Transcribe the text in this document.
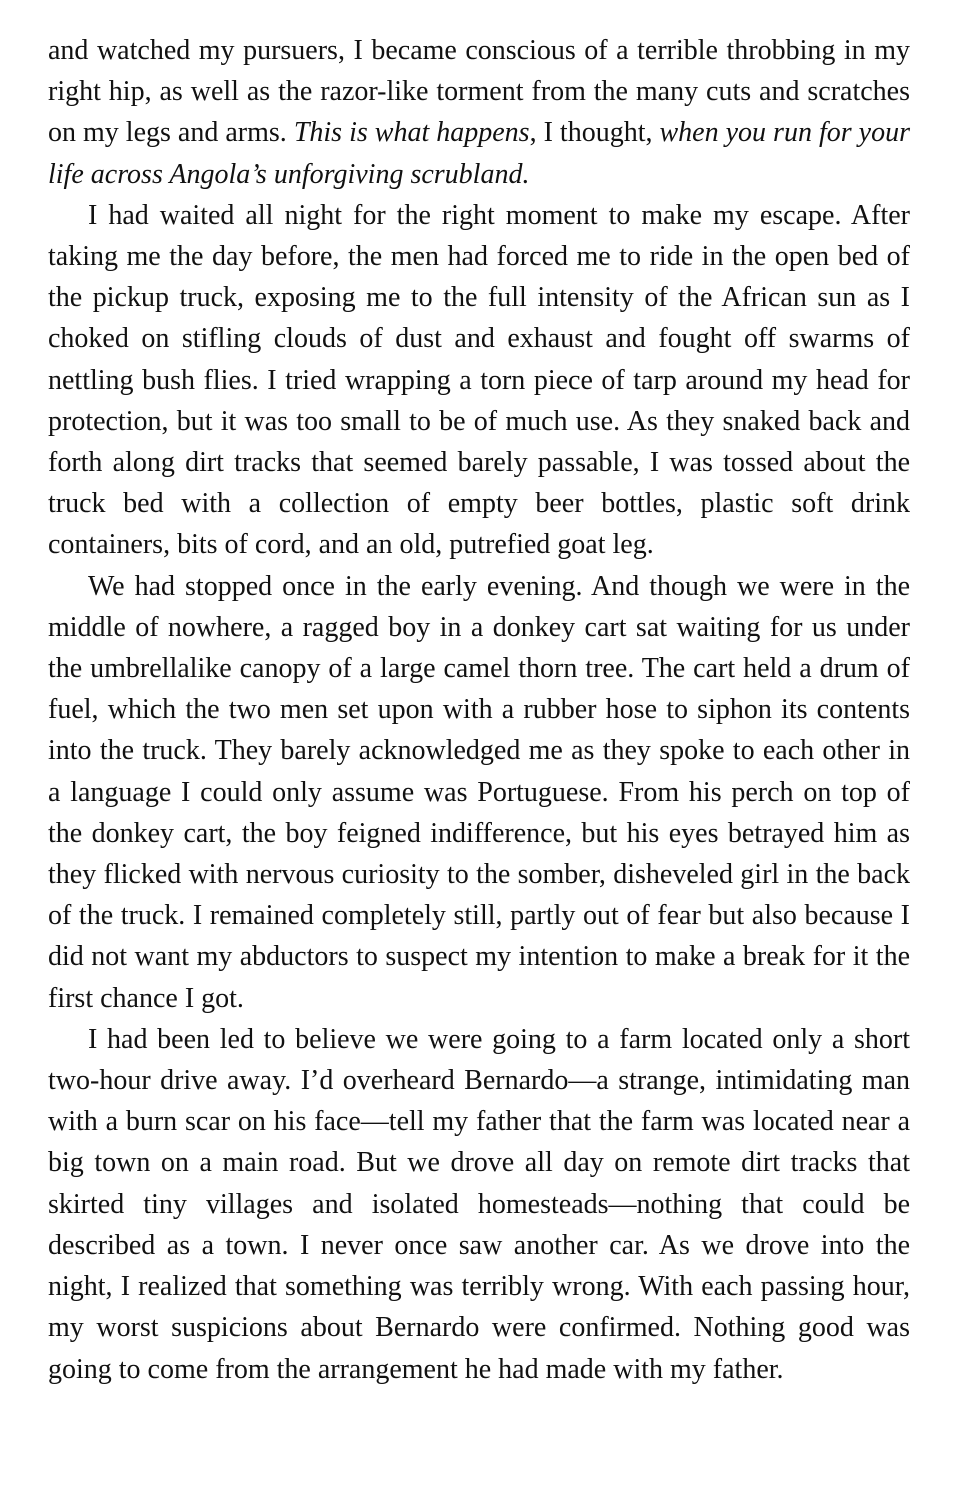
and watched my pursuers, I became conscious of a terrible throbbing in my right hip, as well as the razor-like torment from the many cuts and scratches on my legs and arms. This is what happens, I thought, when you run for your life across Angola’s unforgiving scrubland.

I had waited all night for the right moment to make my escape. After taking me the day before, the men had forced me to ride in the open bed of the pickup truck, exposing me to the full intensity of the African sun as I choked on stifling clouds of dust and exhaust and fought off swarms of nettling bush flies. I tried wrapping a torn piece of tarp around my head for protection, but it was too small to be of much use. As they snaked back and forth along dirt tracks that seemed barely passable, I was tossed about the truck bed with a collection of empty beer bottles, plastic soft drink containers, bits of cord, and an old, putrefied goat leg.

We had stopped once in the early evening. And though we were in the middle of nowhere, a ragged boy in a donkey cart sat waiting for us under the umbrellalike canopy of a large camel thorn tree. The cart held a drum of fuel, which the two men set upon with a rubber hose to siphon its contents into the truck. They barely acknowledged me as they spoke to each other in a language I could only assume was Portuguese. From his perch on top of the donkey cart, the boy feigned indifference, but his eyes betrayed him as they flicked with nervous curiosity to the somber, disheveled girl in the back of the truck. I remained completely still, partly out of fear but also because I did not want my abductors to suspect my intention to make a break for it the first chance I got.

I had been led to believe we were going to a farm located only a short two-hour drive away. I’d overheard Bernardo—a strange, intimidating man with a burn scar on his face—tell my father that the farm was located near a big town on a main road. But we drove all day on remote dirt tracks that skirted tiny villages and isolated homesteads—nothing that could be described as a town. I never once saw another car. As we drove into the night, I realized that something was terribly wrong. With each passing hour, my worst suspicions about Bernardo were confirmed. Nothing good was going to come from the arrangement he had made with my father.
